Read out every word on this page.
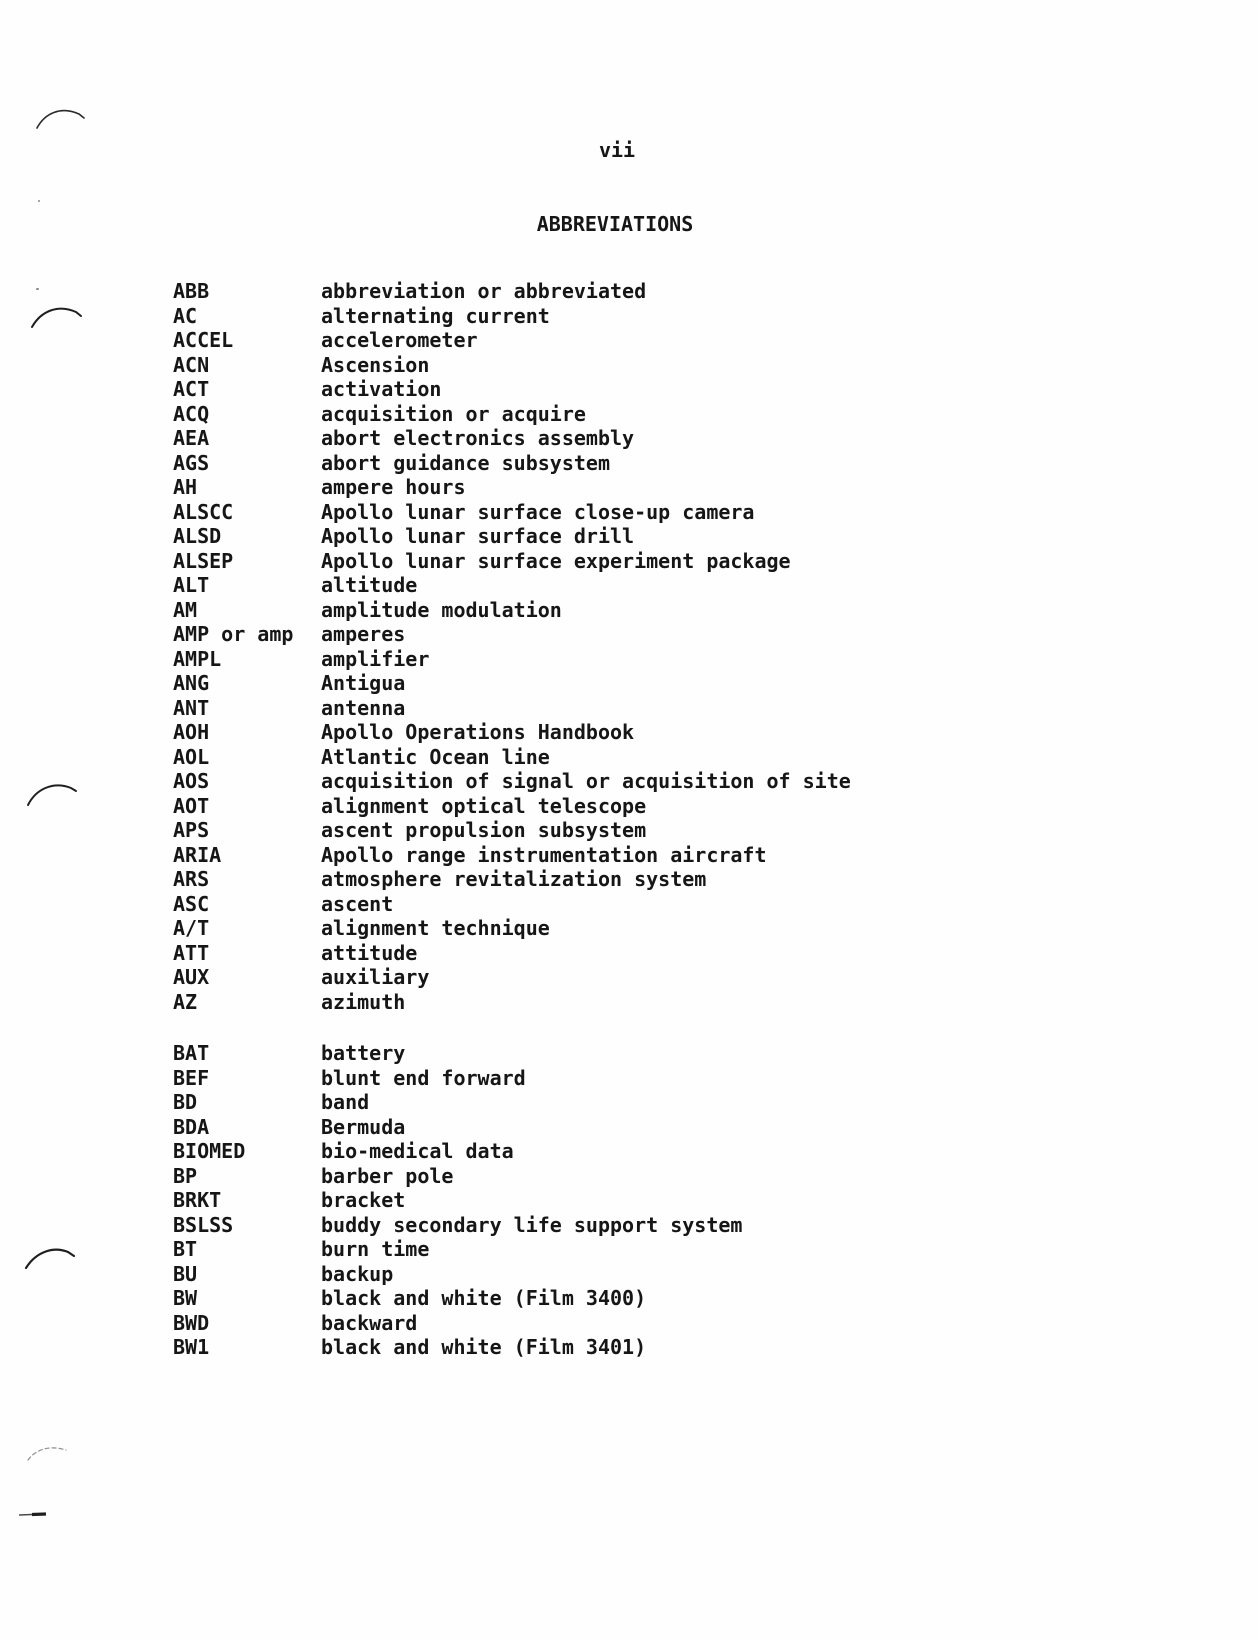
vii
ABBREVIATIONS
ABB	abbreviation or abbreviated
AC	alternating current
ACCEL	accelerometer
ACN	Ascension
ACT	activation
ACQ	acquisition or acquire
AEA	abort electronics assembly
AGS	abort guidance subsystem
AH	ampere hours
ALSCC	Apollo lunar surface close-up camera
ALSD	Apollo lunar surface drill
ALSEP	Apollo lunar surface experiment package
ALT	altitude
AM	amplitude modulation
AMP or amp	amperes
AMPL	amplifier
ANG	Antigua
ANT	antenna
AOH	Apollo Operations Handbook
AOL	Atlantic Ocean line
AOS	acquisition of signal or acquisition of site
AOT	alignment optical telescope
APS	ascent propulsion subsystem
ARIA	Apollo range instrumentation aircraft
ARS	atmosphere revitalization system
ASC	ascent
A/T	alignment technique
ATT	attitude
AUX	auxiliary
AZ	azimuth
BAT	battery
BEF	blunt end forward
BD	band
BDA	Bermuda
BIOMED	bio-medical data
BP	barber pole
BRKT	bracket
BSLSS	buddy secondary life support system
BT	burn time
BU	backup
BW	black and white (Film 3400)
BWD	backward
BW1	black and white (Film 3401)
